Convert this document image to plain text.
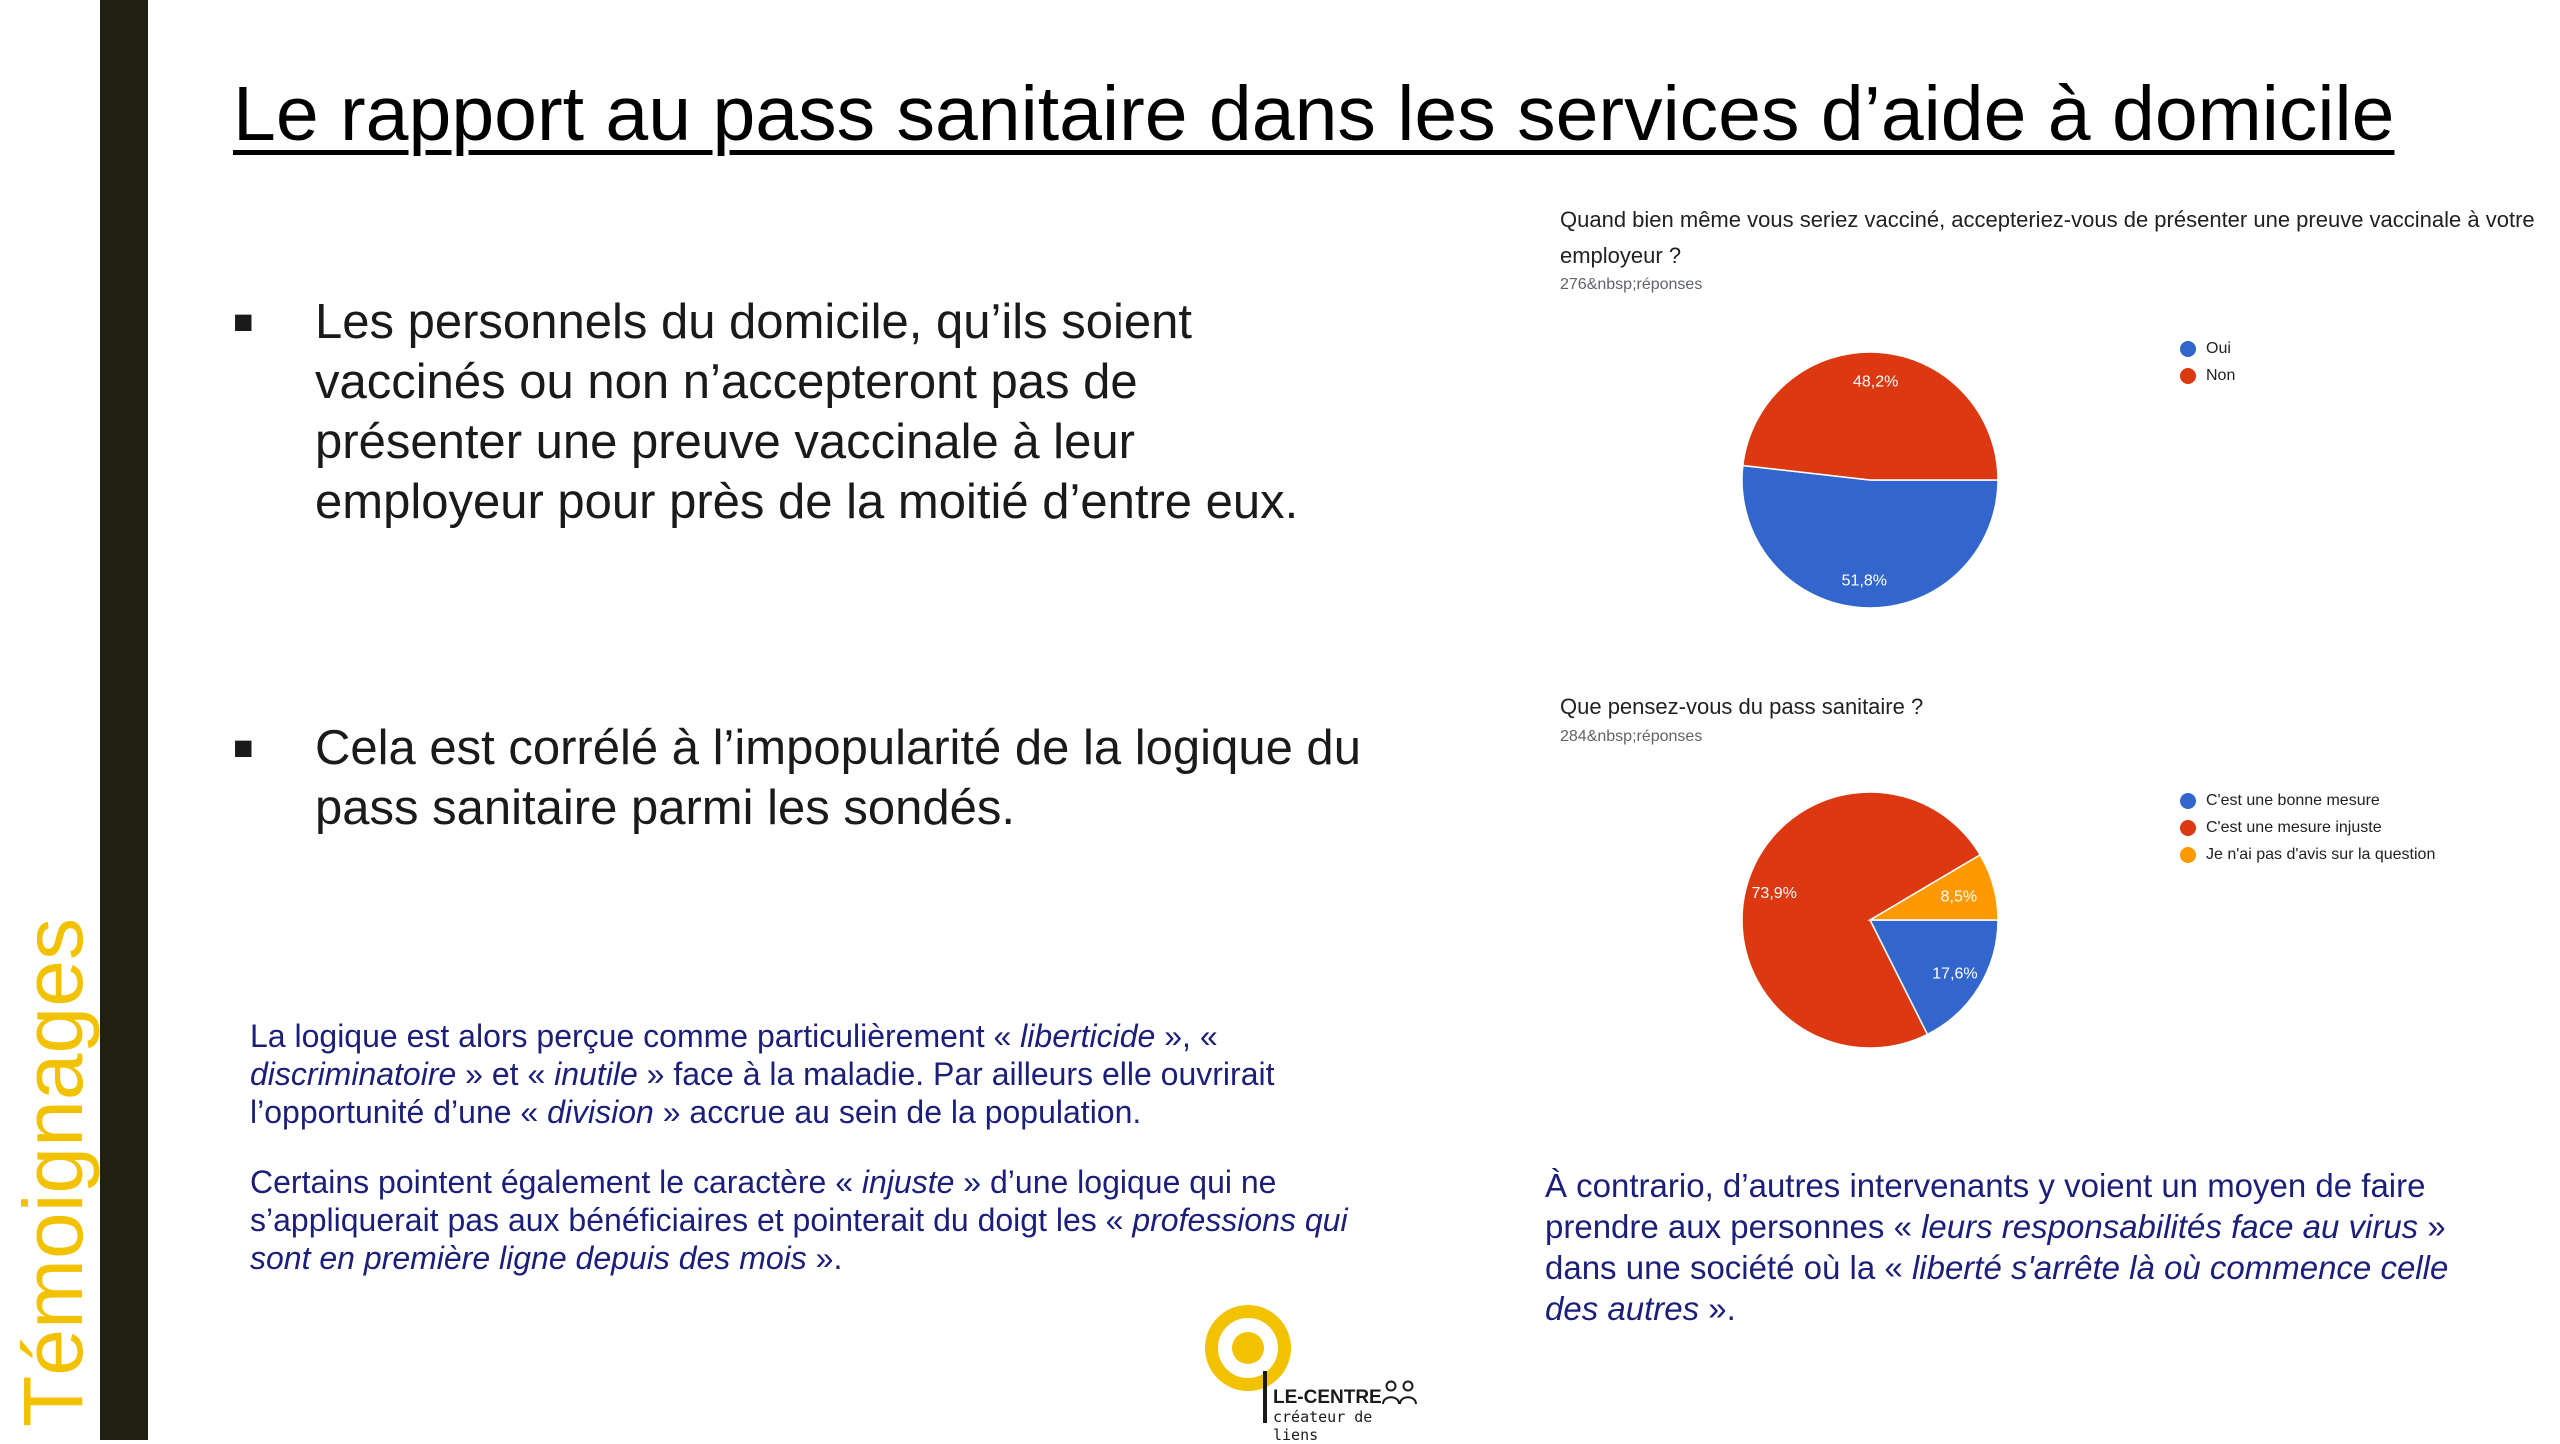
Témoignages
Le rapport au pass sanitaire dans les services d’aide à domicile
■	Les personnels du domicile, qu’ils soient vaccinés ou non n’accepteront pas de présenter une preuve vaccinale à leur employeur pour près de la moitié d’entre eux.
■	Cela est corrélé à l’impopularité de la logique du pass sanitaire parmi les sondés.

La logique est alors perçue comme particulièrement « liberticide », « discriminatoire » et « inutile » face à la maladie. Par ailleurs elle ouvrirait l’opportunité d’une « division » accrue au sein de la population.

Certains pointent également le caractère « injuste » d’une logique qui ne s’appliquerait pas aux bénéficiaires et pointerait du doigt les « professions qui sont en première ligne depuis des mois ».

À contrario, d’autres intervenants y voient un moyen de faire prendre aux personnes « leurs responsabilités face au virus » dans une société où la « liberté s'arrête là où commence celle des autres ».

Quand bien même vous seriez vacciné, accepteriez-vous de présenter une preuve vaccinale à votre employeur ?
276&nbsp;réponses
51,8%
48,2%
Oui
Non
Que pensez-vous du pass sanitaire ?
284&nbsp;réponses
17,6%
73,9%	8,5%
C'est une bonne mesure
C'est une mesure injuste
Je n'ai pas d'avis sur la question
LE-CENTRE
créateur de liens
